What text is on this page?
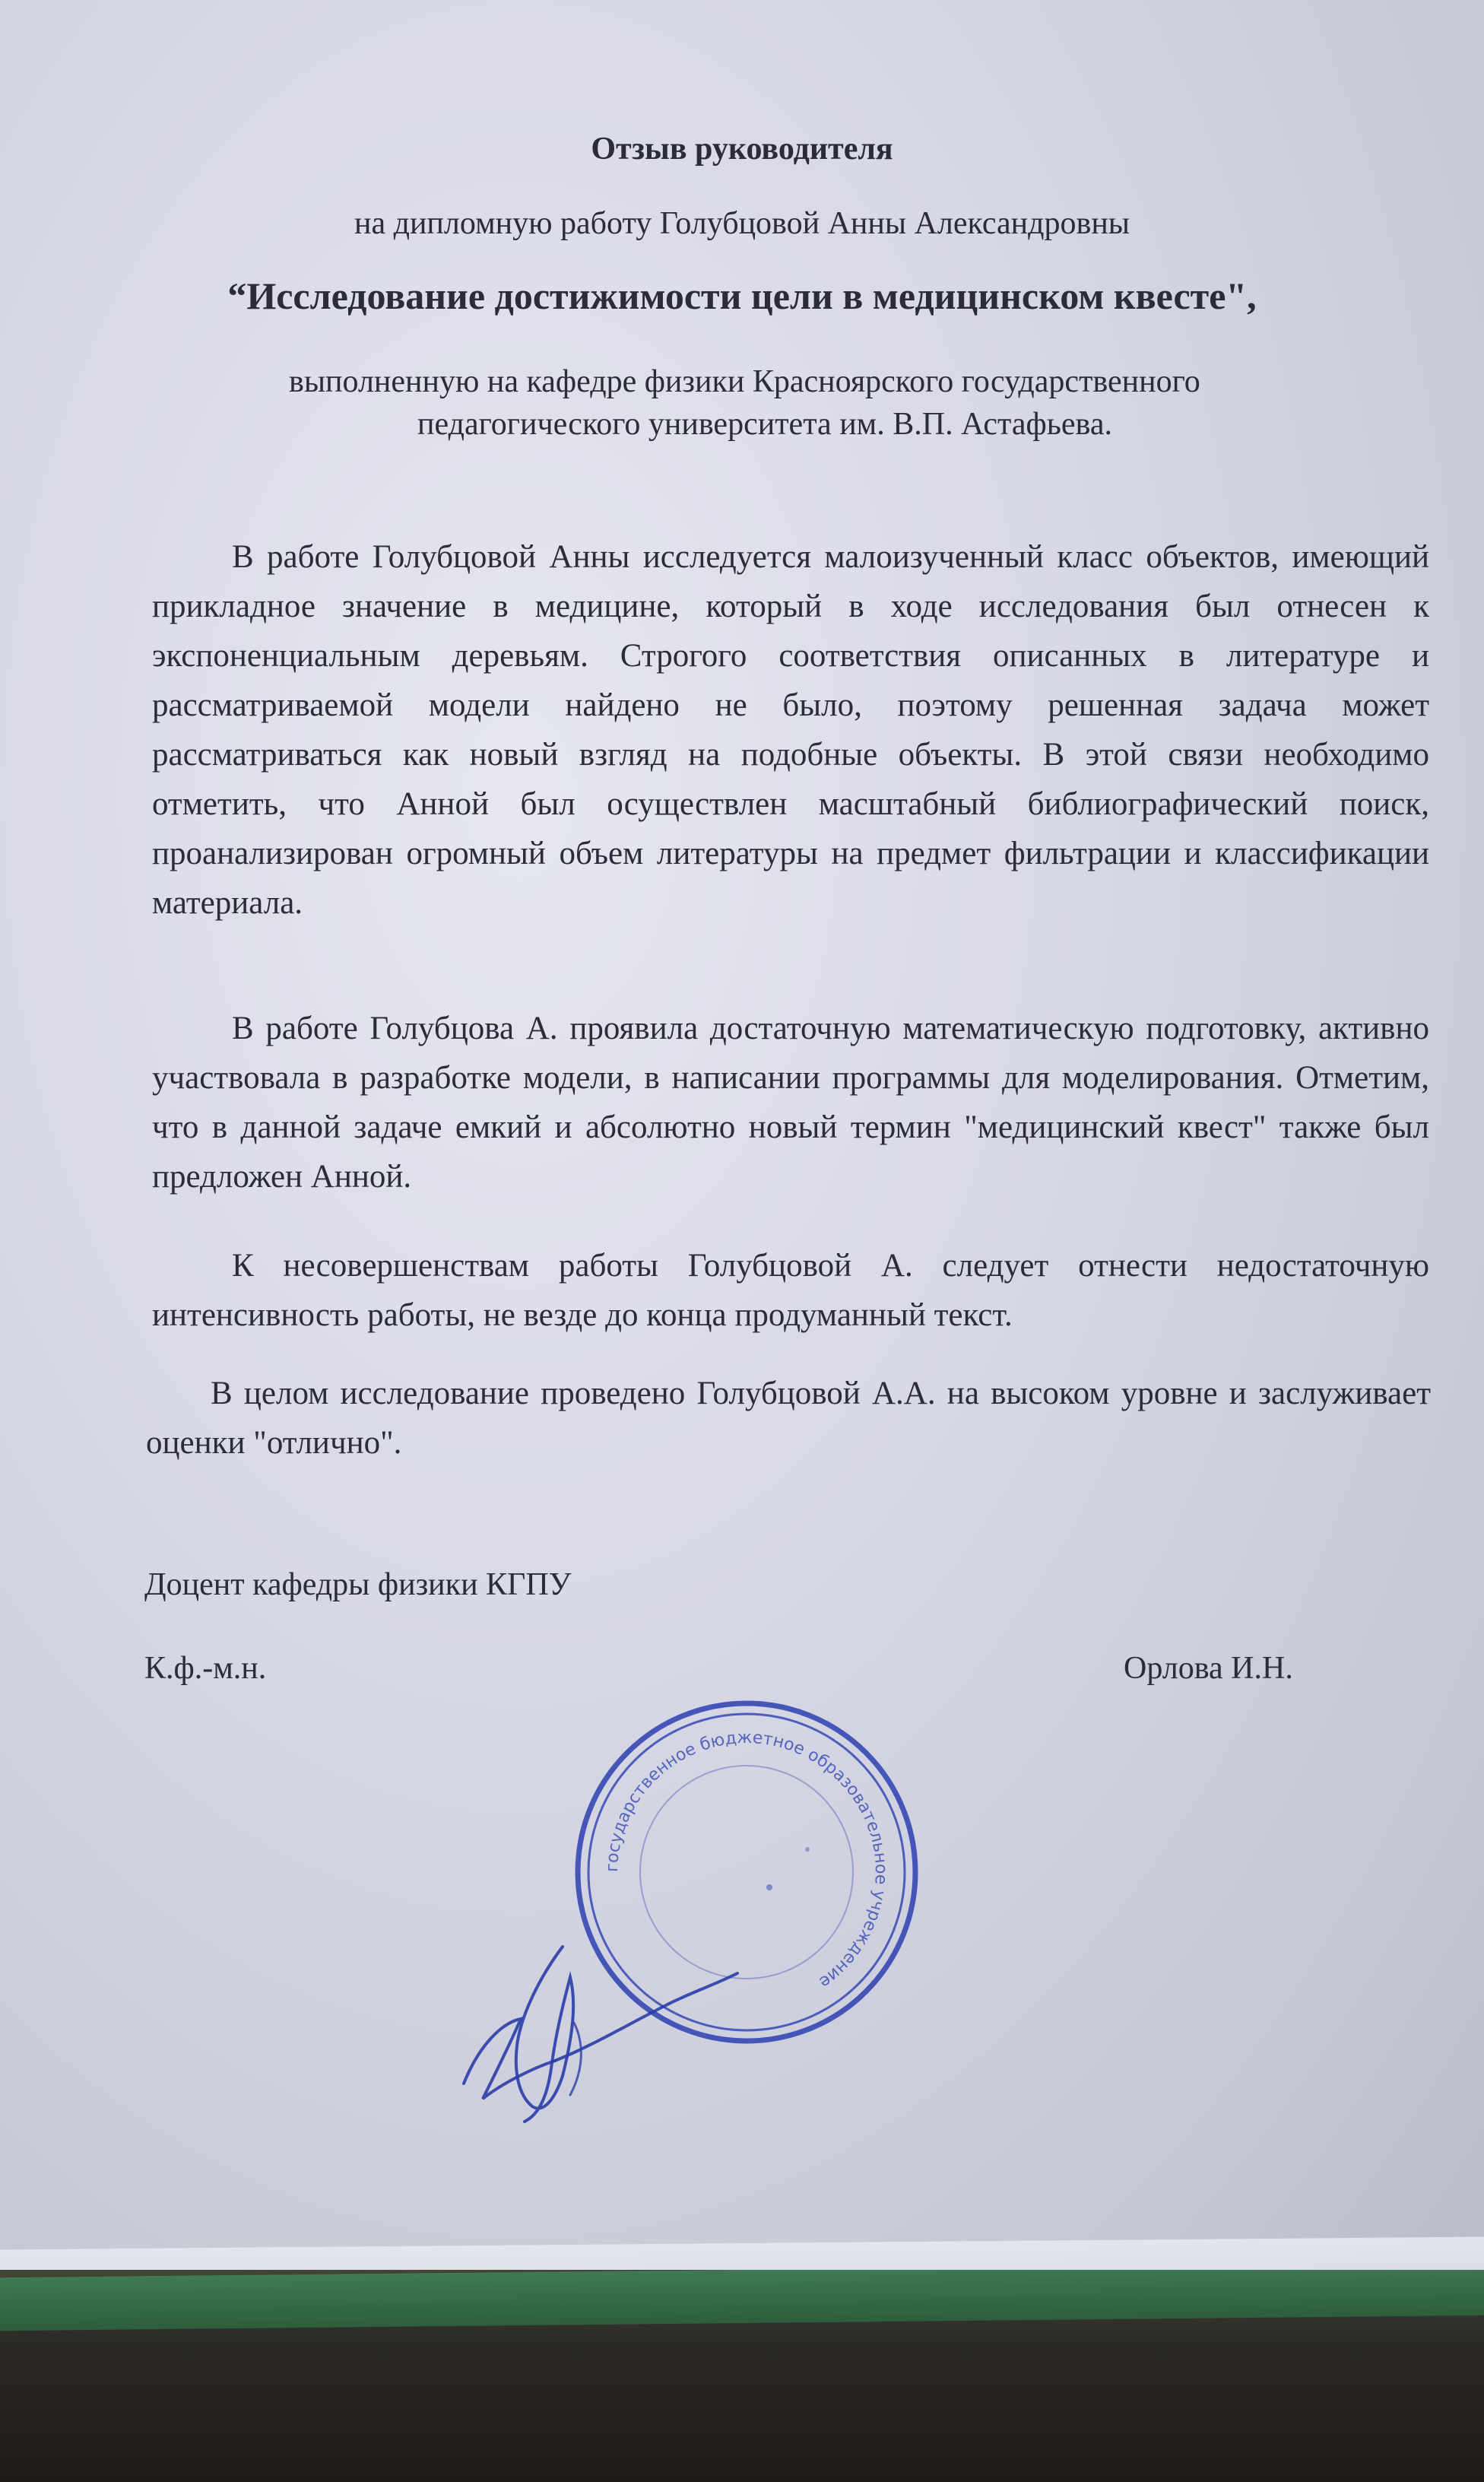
Отзыв руководителя
на дипломную работу Голубцовой Анны Александровны
“Исследование достижимости цели в медицинском квесте",
выполненную на кафедре физики Красноярского государственного
педагогического университета им. В.П. Астафьева.
В работе Голубцовой Анны исследуется малоизученный класс объектов, имеющий прикладное значение в медицине, который в ходе исследования был отнесен к экспоненциальным деревьям. Строгого соответствия описанных в литературе и рассматриваемой модели найдено не было, поэтому решенная задача может рассматриваться как новый взгляд на подобные объекты. В этой связи необходимо отметить, что Анной был осуществлен масштабный библиографический поиск, проанализирован огромный объем литературы на предмет фильтрации и классификации материала.
В работе Голубцова А. проявила достаточную математическую подготовку, активно участвовала в разработке модели, в написании программы для моделирования. Отметим, что в данной задаче емкий и абсолютно новый термин "медицинский квест" также был предложен Анной.
К несовершенствам работы Голубцовой А. следует отнести недостаточную интенсивность работы, не везде до конца продуманный текст.
В целом исследование проведено Голубцовой А.А. на высоком уровне и заслуживает оценки "отлично".
Доцент кафедры физики КГПУ
К.ф.-м.н.	Орлова И.Н.
государственное бюджетное образовательное учреждение
